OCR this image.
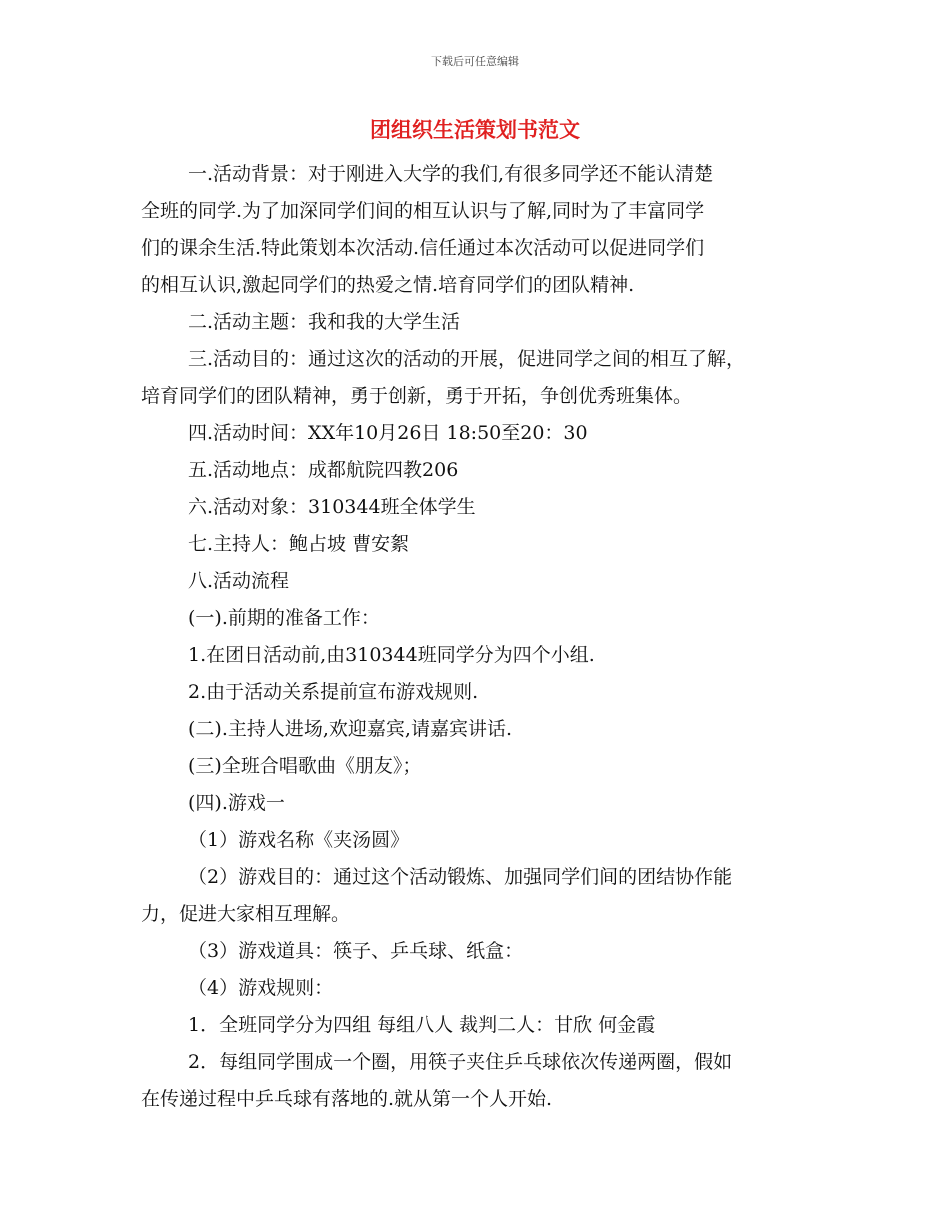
下载后可任意编辑
团组织生活策划书范文
一.活动背景：对于刚进入大学的我们,有很多同学还不能认清楚
全班的同学.为了加深同学们间的相互认识与了解,同时为了丰富同学
们的课余生活.特此策划本次活动.信任通过本次活动可以促进同学们
的相互认识,激起同学们的热爱之情.培育同学们的团队精神.
二.活动主题：我和我的大学生活
三.活动目的：通过这次的活动的开展，促进同学之间的相互了解，
培育同学们的团队精神，勇于创新，勇于开拓，争创优秀班集体。
四.活动时间：XX年10月26日 18:50至20：30
五.活动地点：成都航院四教206
六.活动对象：310344班全体学生
七.主持人：鲍占坡 曹安絮
八.活动流程
(一).前期的准备工作：
1.在团日活动前,由310344班同学分为四个小组.
2.由于活动关系提前宣布游戏规则.
(二).主持人进场,欢迎嘉宾,请嘉宾讲话.
(三)全班合唱歌曲《朋友》；
(四).游戏一
（1）游戏名称《夹汤圆》
（2）游戏目的：通过这个活动锻炼、加强同学们间的团结协作能
力，促进大家相互理解。
（3）游戏道具：筷子、乒乓球、纸盒：
（4）游戏规则：
1．全班同学分为四组 每组八人 裁判二人：甘欣 何金霞
2．每组同学围成一个圈，用筷子夹住乒乓球依次传递两圈，假如
在传递过程中乒乓球有落地的.就从第一个人开始.
